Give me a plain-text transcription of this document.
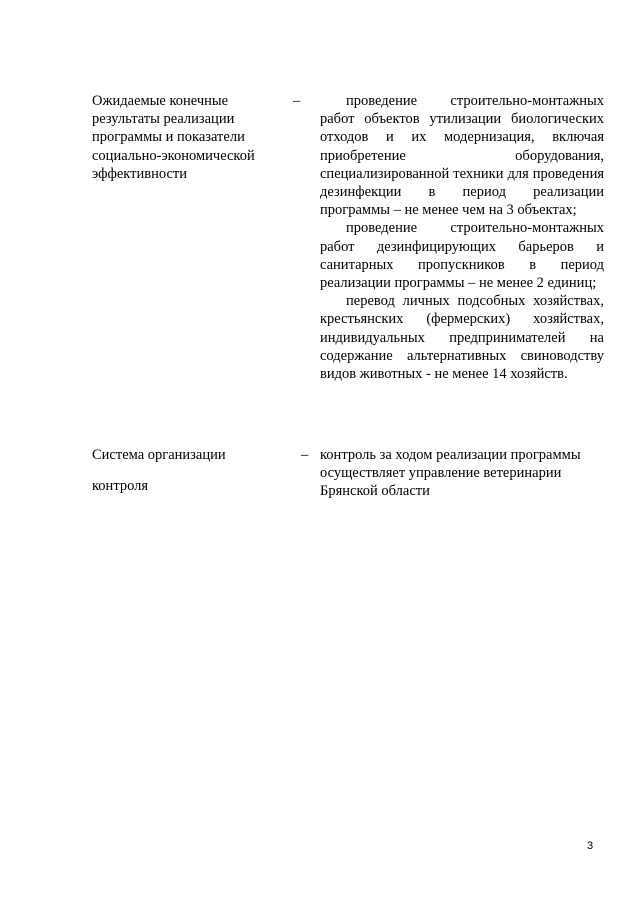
Ожидаемые конечные результаты реализации программы и показатели социально-экономической эффективности
–	проведение строительно-монтажных работ объектов утилизации биологических отходов и их модернизация, включая приобретение оборудования, специализированной техники для проведения дезинфекции в период реализации программы – не менее чем на 3 объектах;

проведение строительно-монтажных работ дезинфицирующих барьеров и санитарных пропускников в период реализации программы – не менее 2 единиц;

перевод личных подсобных хозяйствах, крестьянских (фермерских) хозяйствах, индивидуальных предпринимателей на содержание альтернативных свиноводству видов животных - не менее 14 хозяйств.

Система организации
контроля
– контроль за ходом реализации программы осуществляет управление ветеринарии Брянской области

3
